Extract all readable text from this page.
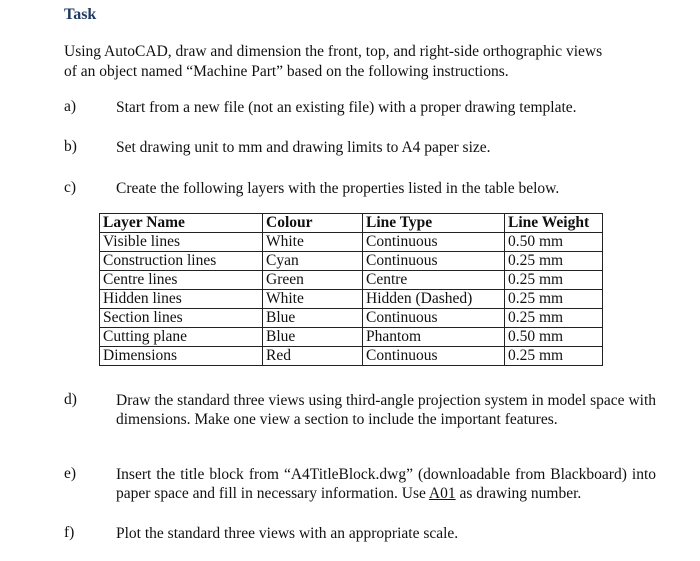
Task
Using AutoCAD, draw and dimension the front, top, and right-side orthographic views
of an object named “Machine Part” based on the following instructions.
a)	Start from a new file (not an existing file) with a proper drawing template.
b)	Set drawing unit to mm and drawing limits to A4 paper size.
c)	Create the following layers with the properties listed in the table below.
Layer Name	Colour	Line Type	Line Weight
Visible lines	White	Continuous	0.50 mm
Construction lines	Cyan	Continuous	0.25 mm
Centre lines	Green	Centre	0.25 mm
Hidden lines	White	Hidden (Dashed)	0.25 mm
Section lines	Blue	Continuous	0.25 mm
Cutting plane	Blue	Phantom	0.50 mm
Dimensions	Red	Continuous	0.25 mm
d)	Draw the standard three views using third-angle projection system in model space with dimensions. Make one view a section to include the important features.
e)	Insert the title block from “A4TitleBlock.dwg” (downloadable from Blackboard) into paper space and fill in necessary information. Use A01 as drawing number.
f)	Plot the standard three views with an appropriate scale.
